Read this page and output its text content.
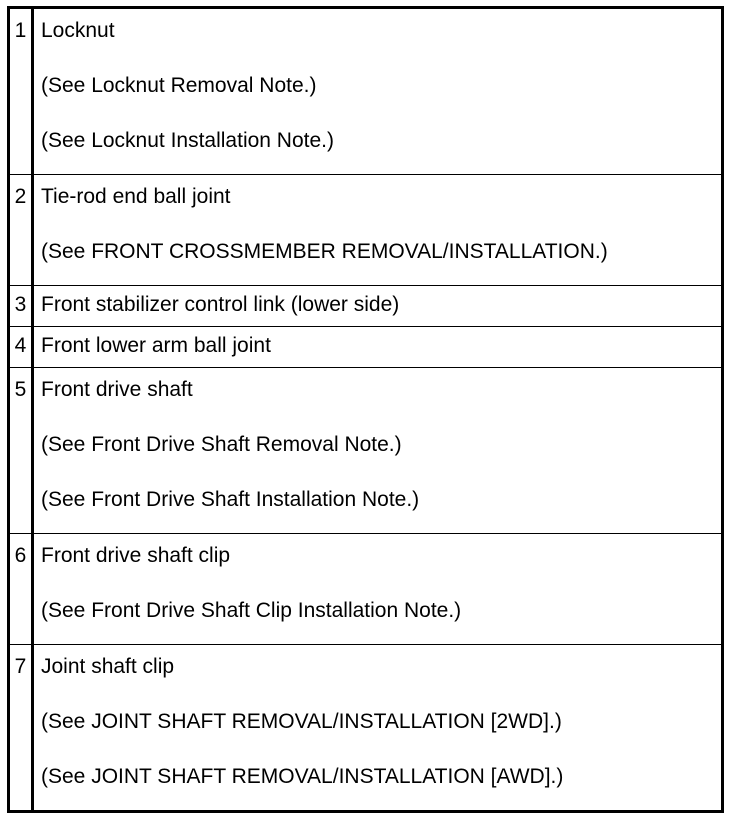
1	Locknut
(See Locknut Removal Note.)
(See Locknut Installation Note.)

2	Tie-rod end ball joint
(See FRONT CROSSMEMBER REMOVAL/INSTALLATION.)

3	Front stabilizer control link (lower side)

4	Front lower arm ball joint

5	Front drive shaft
(See Front Drive Shaft Removal Note.)
(See Front Drive Shaft Installation Note.)

6	Front drive shaft clip
(See Front Drive Shaft Clip Installation Note.)

7	Joint shaft clip
(See JOINT SHAFT REMOVAL/INSTALLATION [2WD].)
(See JOINT SHAFT REMOVAL/INSTALLATION [AWD].)
